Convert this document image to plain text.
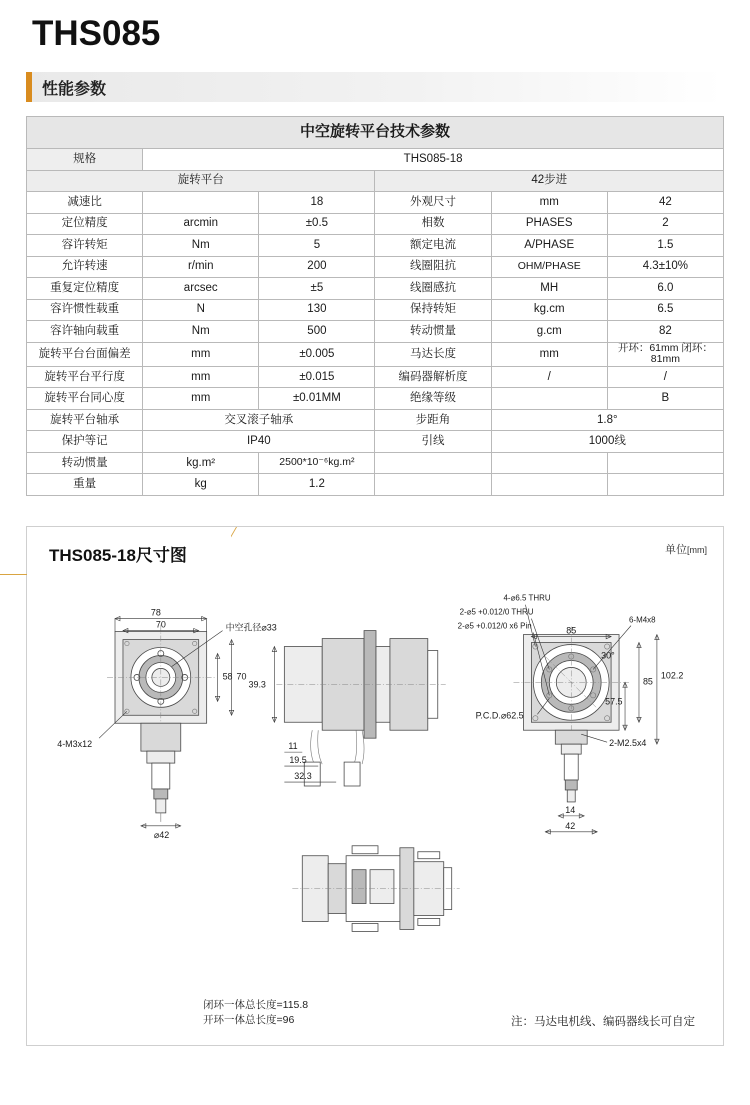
THS085
性能参数
中空旋转平台技术参数					
规格	THS085-18				
旋转平台			42步进		
减速比		18	外观尺寸	mm	42
定位精度	arcmin	±0.5	相数	PHASES	2
容许转矩	Nm	5	额定电流	A/PHASE	1.5
允许转速	r/min	200	线圈阻抗	OHM/PHASE	4.3±10%
重复定位精度	arcsec	±5	线圈感抗	MH	6.0
容许惯性载重	N	130	保持转矩	kg.cm	6.5
容许轴向载重	Nm	500	转动惯量	g.cm	82
旋转平台台面偏差	mm	±0.005	马达长度	mm	开环：61mm 闭环：81mm
旋转平台平行度	mm	±0.015	编码器解析度	/	/
旋转平台同心度	mm	±0.01MM	绝缘等级		B
旋转平台轴承	交叉滚子轴承		步距角	1.8°	
保护等记	IP40		引线	1000线	
转动惯量	kg.m²	2500*10⁻⁶kg.m²			
重量	kg	1.2			
THS085-18尺寸图	单位[mm]
78
70
58 70
中空孔径⌀33
4-M3x12
⌀42
39.3
11
19.5
32.3
4-⌀6.5 THRU
2-⌀5 +0.012/0 THRU
2-⌀5 +0.012/0 x6 Pin
6-M4x8
85
85
102.2
57.5
30°
P.C.D.⌀62.5
2-M2.5x4
14
42
闭环一体总长度=115.8
开环一体总长度=96	注：马达电机线、编码器线长可自定
